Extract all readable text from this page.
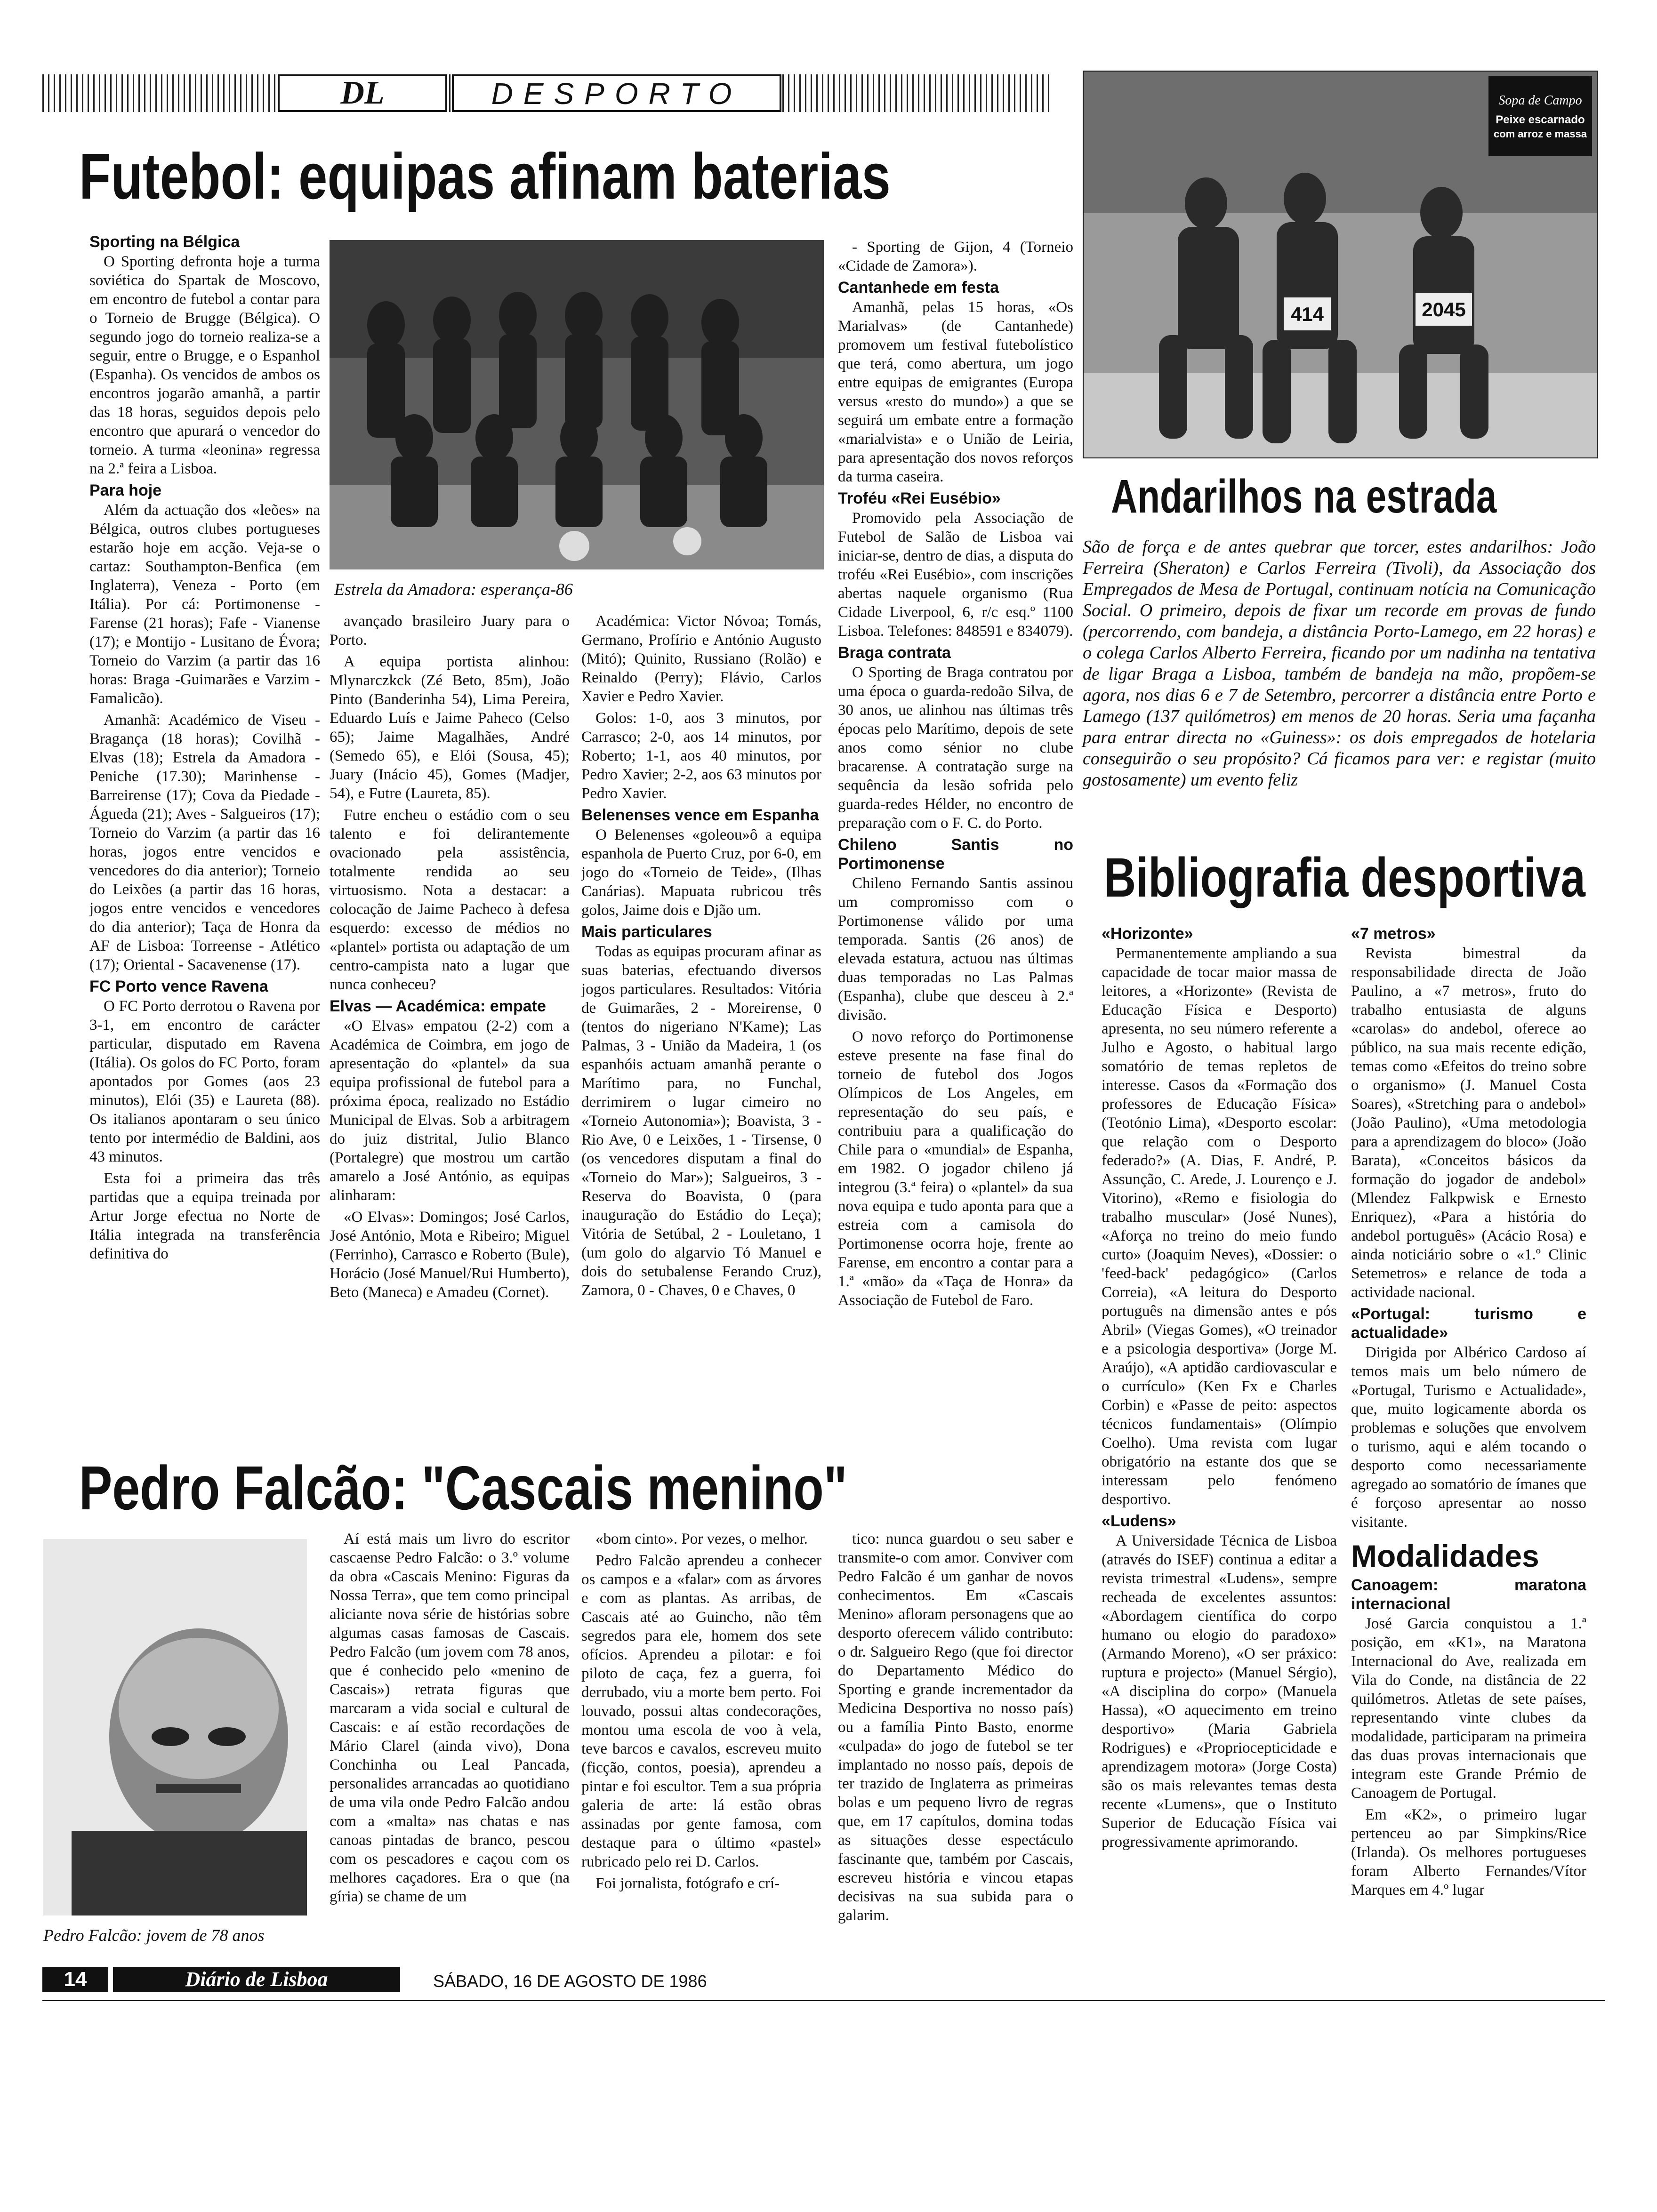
DL	DESPORTO
Futebol: equipas afinam baterias
Sporting na Bélgica

O Sporting defronta hoje a turma soviética do Spartak de Moscovo, em encontro de futebol a contar para o Torneio de Brugge (Bélgica). O segundo jogo do torneio realiza-se a seguir, entre o Brugge, e o Espanhol (Espanha). Os vencidos de ambos os encontros jogarão amanhã, a partir das 18 horas, seguidos depois pelo encontro que apurará o vencedor do torneio. A turma «leonina» regressa na 2.ª feira a Lisboa.

Para hoje

Além da actuação dos «leões» na Bélgica, outros clubes portugueses estarão hoje em acção. Veja-se o cartaz: Southampton-Benfica (em Inglaterra), Veneza - Porto (em Itália). Por cá: Portimonense -Farense (21 horas); Fafe - Vianense (17); e Montijo - Lusitano de Évora; Torneio do Varzim (a partir das 16 horas: Braga -Guimarães e Varzim - Famalicão).

Amanhã: Académico de Viseu - Bragança (18 horas); Covilhã - Elvas (18); Estrela da Amadora - Peniche (17.30); Marinhense - Barreirense (17); Cova da Piedade - Águeda (21); Aves - Salgueiros (17); Torneio do Varzim (a partir das 16 horas, jogos entre vencidos e vencedores do dia anterior); Torneio do Leixões (a partir das 16 horas, jogos entre vencidos e vencedores do dia anterior); Taça de Honra da AF de Lisboa: Torreense - Atlético (17); Oriental - Sacavenense (17).

FC Porto vence Ravena

O FC Porto derrotou o Ravena por 3-1, em encontro de carácter particular, disputado em Ravena (Itália). Os golos do FC Porto, foram apontados por Gomes (aos 23 minutos), Elói (35) e Laureta (88). Os italianos apontaram o seu único tento por intermédio de Baldini, aos 43 minutos.

Esta foi a primeira das três partidas que a equipa treinada por Artur Jorge efectua no Norte de Itália integrada na transferência definitiva do

Estrela da Amadora: esperança-86

avançado brasileiro Juary para o Porto.

A equipa portista alinhou: Mlynarczkck (Zé Beto, 85m), João Pinto (Banderinha 54), Lima Pereira, Eduardo Luís e Jaime Paheco (Celso 65); Jaime Magalhães, André (Semedo 65), e Elói (Sousa, 45); Juary (Inácio 45), Gomes (Madjer, 54), e Futre (Laureta, 85).

Futre encheu o estádio com o seu talento e foi delirantemente ovacionado pela assistência, totalmente rendida ao seu virtuosismo. Nota a destacar: a colocação de Jaime Pacheco à defesa esquerdo: excesso de médios no «plantel» portista ou adaptação de um centro-campista nato a lugar que nunca conheceu?

Elvas — Académica: empate

«O Elvas» empatou (2-2) com a Académica de Coimbra, em jogo de apresentação do «plantel» da sua equipa profissional de futebol para a próxima época, realizado no Estádio Municipal de Elvas. Sob a arbitragem do juiz distrital, Julio Blanco (Portalegre) que mostrou um cartão amarelo a José António, as equipas alinharam:

«O Elvas»: Domingos; José Carlos, José António, Mota e Ribeiro; Miguel (Ferrinho), Carrasco e Roberto (Bule), Horácio (José Manuel/Rui Humberto), Beto (Maneca) e Amadeu (Cornet).

Académica: Victor Nóvoa; Tomás, Germano, Profírio e António Augusto (Mitó); Quinito, Russiano (Rolão) e Reinaldo (Perry); Flávio, Carlos Xavier e Pedro Xavier.

Golos: 1-0, aos 3 minutos, por Carrasco; 2-0, aos 14 minutos, por Roberto; 1-1, aos 40 minutos, por Pedro Xavier; 2-2, aos 63 minutos por Pedro Xavier.

Belenenses vence em Espanha

O Belenenses «goleou»ô a equipa espanhola de Puerto Cruz, por 6-0, em jogo do «Torneio de Teide», (Ilhas Canárias). Mapuata rubricou três golos, Jaime dois e Djão um.

Mais particulares

Todas as equipas procuram afinar as suas baterias, efectuando diversos jogos particulares. Resultados: Vitória de Guimarães, 2 - Moreirense, 0 (tentos do nigeriano N'Kame); Las Palmas, 3 - União da Madeira, 1 (os espanhóis actuam amanhã perante o Marítimo para, no Funchal, derrimirem o lugar cimeiro no «Torneio Autonomia»); Boavista, 3 - Rio Ave, 0 e Leixões, 1 - Tirsense, 0 (os vencedores disputam a final do «Torneio do Mar»); Salgueiros, 3 - Reserva do Boavista, 0 (para inauguração do Estádio do Leça); Vitória de Setúbal, 2 - Louletano, 1 (um golo do algarvio Tó Manuel e dois do setubalense Ferando Cruz), Zamora, 0 - Chaves, 0 e Chaves, 0

- Sporting de Gijon, 4 (Torneio «Cidade de Zamora»).

Cantanhede em festa

Amanhã, pelas 15 horas, «Os Marialvas» (de Cantanhede) promovem um festival futebolístico que terá, como abertura, um jogo entre equipas de emigrantes (Europa versus «resto do mundo») a que se seguirá um embate entre a formação «marialvista» e o União de Leiria, para apresentação dos novos reforços da turma caseira.

Troféu «Rei Eusébio»

Promovido pela Associação de Futebol de Salão de Lisboa vai iniciar-se, dentro de dias, a disputa do troféu «Rei Eusébio», com inscrições abertas naquele organismo (Rua Cidade Liverpool, 6, r/c esq.º 1100 Lisboa. Telefones: 848591 e 834079).

Braga contrata

O Sporting de Braga contratou por uma época o guarda-redoão Silva, de 30 anos, ue alinhou nas últimas três épocas pelo Marítimo, depois de sete anos como sénior no clube bracarense. A contratação surge na sequência da lesão sofrida pelo guarda-redes Hélder, no encontro de preparação com o F. C. do Porto.

Chileno Santis no Portimonense

Chileno Fernando Santis assinou um compromisso com o Portimonense válido por uma temporada. Santis (26 anos) de elevada estatura, actuou nas últimas duas temporadas no Las Palmas (Espanha), clube que desceu à 2.ª divisão.

O novo reforço do Portimonense esteve presente na fase final do torneio de futebol dos Jogos Olímpicos de Los Angeles, em representação do seu país, e contribuiu para a qualificação do Chile para o «mundial» de Espanha, em 1982. O jogador chileno já integrou (3.ª feira) o «plantel» da sua nova equipa e tudo aponta para que a estreia com a camisola do Portimonense ocorra hoje, frente ao Farense, em encontro a contar para a 1.ª «mão» da «Taça de Honra» da Associação de Futebol de Faro.

Sopa de Campo
Peixe escarnado
com arroz e massa
414	2045
Andarilhos na estrada
São de força e de antes quebrar que torcer, estes andarilhos: João Ferreira (Sheraton) e Carlos Ferreira (Tivoli), da Associação dos Empregados de Mesa de Portugal, continuam notícia na Comunicação Social. O primeiro, depois de fixar um recorde em provas de fundo (percorrendo, com bandeja, a distância Porto-Lamego, em 22 horas) e o colega Carlos Alberto Ferreira, ficando por um nadinha na tentativa de ligar Braga a Lisboa, também de bandeja na mão, propõem-se agora, nos dias 6 e 7 de Setembro, percorrer a distância entre Porto e Lamego (137 quilómetros) em menos de 20 horas. Seria uma façanha para entrar directa no «Guiness»: os dois empregados de hotelaria conseguirão o seu propósito? Cá ficamos para ver: e registar (muito gostosamente) um evento feliz
Bibliografia desportiva
«Horizonte»

Permanentemente ampliando a sua capacidade de tocar maior massa de leitores, a «Horizonte» (Revista de Educação Física e Desporto) apresenta, no seu número referente a Julho e Agosto, o habitual largo somatório de temas repletos de interesse. Casos da «Formação dos professores de Educação Física» (Teotónio Lima), «Desporto escolar: que relação com o Desporto federado?» (A. Dias, F. André, P. Assunção, C. Arede, J. Lourenço e J. Vitorino), «Remo e fisiologia do trabalho muscular» (José Nunes), «Aforça no treino do meio fundo curto» (Joaquim Neves), «Dossier: o 'feed-back' pedagógico» (Carlos Correia), «A leitura do Desporto português na dimensão antes e pós Abril» (Viegas Gomes), «O treinador e a psicologia desportiva» (Jorge M. Araújo), «A aptidão cardiovascular e o currículo» (Ken Fx e Charles Corbin) e «Passe de peito: aspectos técnicos fundamentais» (Olímpio Coelho). Uma revista com lugar obrigatório na estante dos que se interessam pelo fenómeno desportivo.

«Ludens»

A Universidade Técnica de Lisboa (através do ISEF) continua a editar a revista trimestral «Ludens», sempre recheada de excelentes assuntos: «Abordagem científica do corpo humano ou elogio do paradoxo» (Armando Moreno), «O ser práxico: ruptura e projecto» (Manuel Sérgio), «A disciplina do corpo» (Manuela Hassa), «O aquecimento em treino desportivo» (Maria Gabriela Rodrigues) e «Propriocepticidade e aprendizagem motora» (Jorge Costa) são os mais relevantes temas desta recente «Lumens», que o Instituto Superior de Educação Física vai progressivamente aprimorando.

«7 metros»

Revista bimestral da responsabilidade directa de João Paulino, a «7 metros», fruto do trabalho entusiasta de alguns «carolas» do andebol, oferece ao público, na sua mais recente edição, temas como «Efeitos do treino sobre o organismo» (J. Manuel Costa Soares), «Stretching para o andebol» (João Paulino), «Uma metodologia para a aprendizagem do bloco» (João Barata), «Conceitos básicos da formação do jogador de andebol» (Mlendez Falkpwisk e Ernesto Enriquez), «Para a história do andebol português» (Acácio Rosa) e ainda noticiário sobre o «1.º Clinic Setemetros» e relance de toda a actividade nacional.

«Portugal: turismo e actualidade»

Dirigida por Albérico Cardoso aí temos mais um belo número de «Portugal, Turismo e Actualidade», que, muito logicamente aborda os problemas e soluções que envolvem o turismo, aqui e além tocando o desporto como necessariamente agregado ao somatório de ímanes que é forçoso apresentar ao nosso visitante.

Modalidades
Canoagem: maratona internacional

José Garcia conquistou a 1.ª posição, em «K1», na Maratona Internacional do Ave, realizada em Vila do Conde, na distância de 22 quilómetros. Atletas de sete países, representando vinte clubes da modalidade, participaram na primeira das duas provas internacionais que integram este Grande Prémio de Canoagem de Portugal.

Em «K2», o primeiro lugar pertenceu ao par Simpkins/Rice (Irlanda). Os melhores portugueses foram Alberto Fernandes/Vítor Marques em 4.º lugar

Pedro Falcão: "Cascais menino"
Pedro Falcão: jovem de 78 anos

Aí está mais um livro do escritor cascaense Pedro Falcão: o 3.º volume da obra «Cascais Menino: Figuras da Nossa Terra», que tem como principal aliciante nova série de histórias sobre algumas casas famosas de Cascais. Pedro Falcão (um jovem com 78 anos, que é conhecido pelo «menino de Cascais») retrata figuras que marcaram a vida social e cultural de Cascais: e aí estão recordações de Mário Clarel (ainda vivo), Dona Conchinha ou Leal Pancada, personalides arrancadas ao quotidiano de uma vila onde Pedro Falcão andou com a «malta» nas chatas e nas canoas pintadas de branco, pescou com os pescadores e caçou com os melhores caçadores. Era o que (na gíria) se chame de um

«bom cinto». Por vezes, o melhor.

Pedro Falcão aprendeu a conhecer os campos e a «falar» com as árvores e com as plantas. As arribas, de Cascais até ao Guincho, não têm segredos para ele, homem dos sete ofícios. Aprendeu a pilotar: e foi piloto de caça, fez a guerra, foi derrubado, viu a morte bem perto. Foi louvado, possui altas condecorações, montou uma escola de voo à vela, teve barcos e cavalos, escreveu muito (ficção, contos, poesia), aprendeu a pintar e foi escultor. Tem a sua própria galeria de arte: lá estão obras assinadas por gente famosa, com destaque para o último «pastel» rubricado pelo rei D. Carlos.

Foi jornalista, fotógrafo e crí-

tico: nunca guardou o seu saber e transmite-o com amor. Conviver com Pedro Falcão é um ganhar de novos conhecimentos. Em «Cascais Menino» afloram personagens que ao desporto oferecem válido contributo: o dr. Salgueiro Rego (que foi director do Departamento Médico do Sporting e grande incrementador da Medicina Desportiva no nosso país) ou a família Pinto Basto, enorme «culpada» do jogo de futebol se ter implantado no nosso país, depois de ter trazido de Inglaterra as primeiras bolas e um pequeno livro de regras que, em 17 capítulos, domina todas as situações desse espectáculo fascinante que, também por Cascais, escreveu história e vincou etapas decisivas na sua subida para o galarim.

14	Diário de Lisboa	SÁBADO, 16 DE AGOSTO DE 1986
